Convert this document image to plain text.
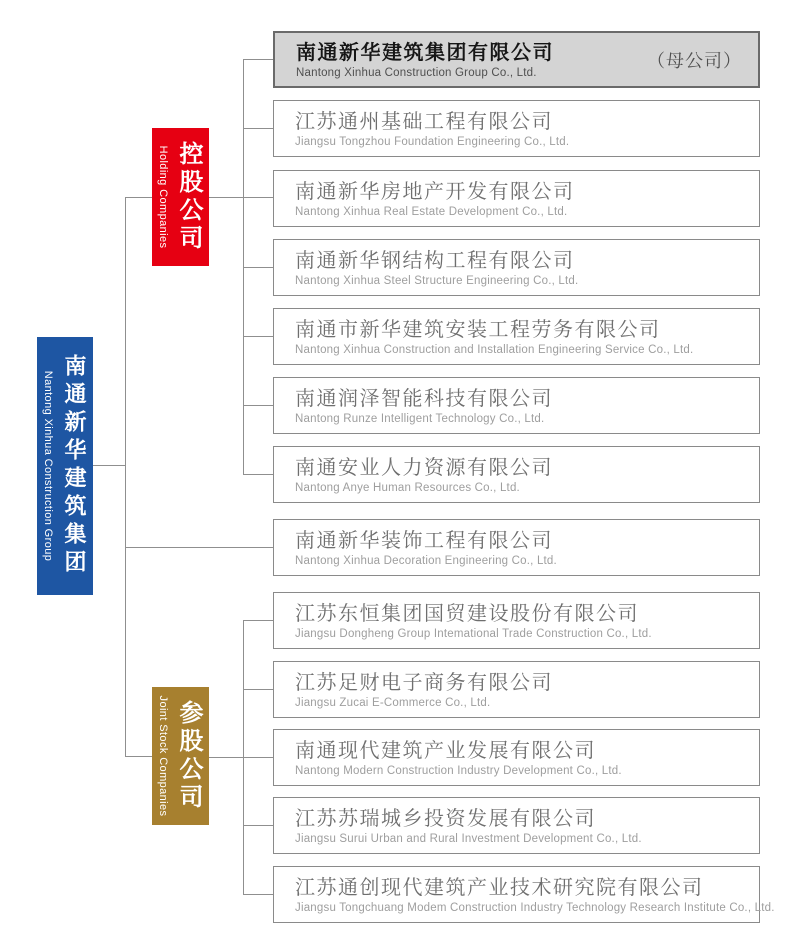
南通新华建筑集团
Nantong Xinhua Construction Group
控股公司
Holding Companies
参股公司
Joint Stock Companies
南通新华建筑集团有限公司
Nantong Xinhua Construction Group Co., Ltd.
（母公司）
江苏通州基础工程有限公司
Jiangsu Tongzhou Foundation Engineering Co., Ltd.
南通新华房地产开发有限公司
Nantong Xinhua Real Estate Development Co., Ltd.
南通新华钢结构工程有限公司
Nantong Xinhua Steel Structure Engineering Co., Ltd.
南通市新华建筑安装工程劳务有限公司
Nantong Xinhua Construction and Installation Engineering Service Co., Ltd.
南通润泽智能科技有限公司
Nantong Runze Intelligent Technology Co., Ltd.
南通安业人力资源有限公司
Nantong Anye Human Resources Co., Ltd.
南通新华装饰工程有限公司
Nantong Xinhua Decoration Engineering Co., Ltd.
江苏东恒集团国贸建设股份有限公司
Jiangsu Dongheng Group Intemational Trade Construction Co., Ltd.
江苏足财电子商务有限公司
Jiangsu Zucai E-Commerce Co., Ltd.
南通现代建筑产业发展有限公司
Nantong Modern Construction Industry Development Co., Ltd.
江苏苏瑞城乡投资发展有限公司
Jiangsu Surui Urban and Rural Investment Development Co., Ltd.
江苏通创现代建筑产业技术研究院有限公司
Jiangsu Tongchuang Modem Construction Industry Technology Research Institute Co., Ltd.
